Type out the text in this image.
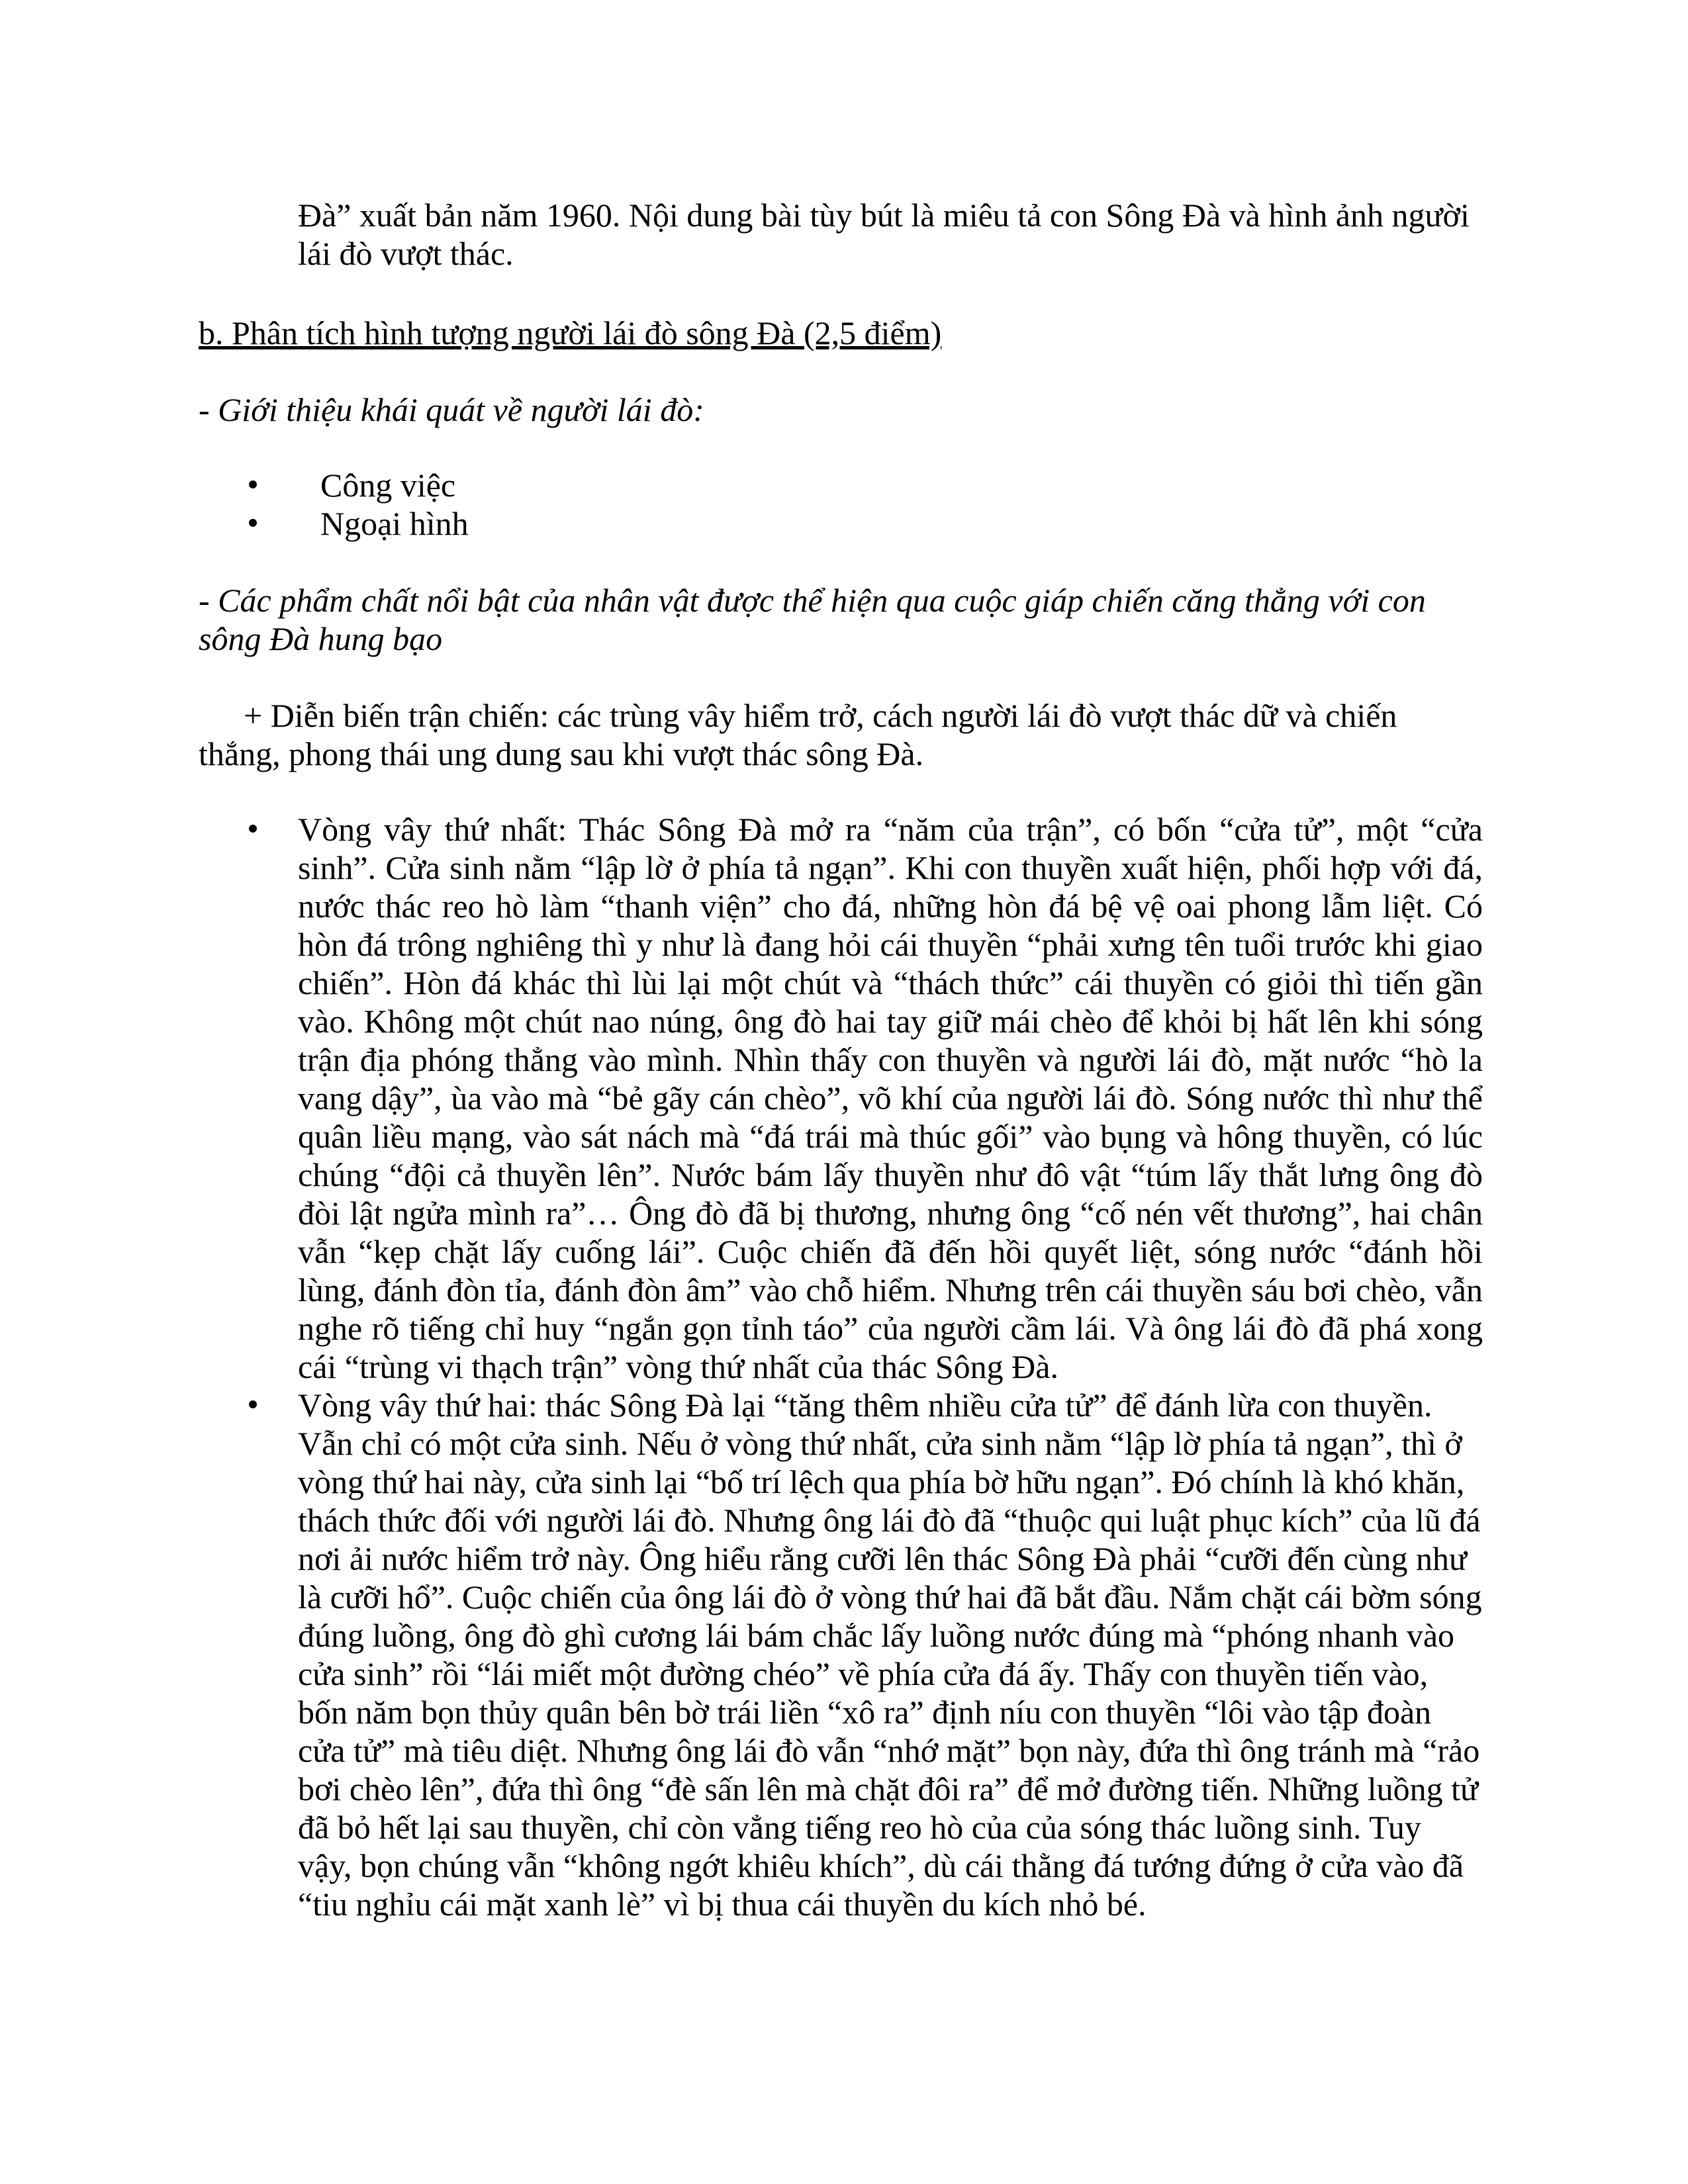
Đà” xuất bản năm 1960. Nội dung bài tùy bút là miêu tả con Sông Đà và hình ảnh người lái đò vượt thác.

b. Phân tích hình tượng người lái đò sông Đà (2,5 điểm)

- Giới thiệu khái quát về người lái đò:

Công việc
Ngoại hình

- Các phẩm chất nổi bật của nhân vật được thể hiện qua cuộc giáp chiến căng thẳng với con sông Đà hung bạo

+ Diễn biến trận chiến: các trùng vây hiểm trở, cách người lái đò vượt thác dữ và chiến thắng, phong thái ung dung sau khi vượt thác sông Đà.

Vòng vây thứ nhất: Thác Sông Đà mở ra “năm của trận”, có bốn “cửa tử”, một “cửa sinh”. Cửa sinh nằm “lập lờ ở phía tả ngạn”. Khi con thuyền xuất hiện, phối hợp với đá, nước thác reo hò làm “thanh viện” cho đá, những hòn đá bệ vệ oai phong lẫm liệt. Có hòn đá trông nghiêng thì y như là đang hỏi cái thuyền “phải xưng tên tuổi trước khi giao chiến”. Hòn đá khác thì lùi lại một chút và “thách thức” cái thuyền có giỏi thì tiến gần vào. Không một chút nao núng, ông đò hai tay giữ mái chèo để khỏi bị hất lên khi sóng trận địa phóng thẳng vào mình. Nhìn thấy con thuyền và người lái đò, mặt nước “hò la vang dậy”, ùa vào mà “bẻ gãy cán chèo”, võ khí của người lái đò. Sóng nước thì như thể quân liều mạng, vào sát nách mà “đá trái mà thúc gối” vào bụng và hông thuyền, có lúc chúng “đội cả thuyền lên”. Nước bám lấy thuyền như đô vật “túm lấy thắt lưng ông đò đòi lật ngửa mình ra”… Ông đò đã bị thương, nhưng ông “cố nén vết thương”, hai chân vẫn “kẹp chặt lấy cuống lái”. Cuộc chiến đã đến hồi quyết liệt, sóng nước “đánh hồi lùng, đánh đòn tỉa, đánh đòn âm” vào chỗ hiểm. Nhưng trên cái thuyền sáu bơi chèo, vẫn nghe rõ tiếng chỉ huy “ngắn gọn tỉnh táo” của người cầm lái. Và ông lái đò đã phá xong cái “trùng vi thạch trận” vòng thứ nhất của thác Sông Đà.
Vòng vây thứ hai: thác Sông Đà lại “tăng thêm nhiều cửa tử” để đánh lừa con thuyền. Vẫn chỉ có một cửa sinh. Nếu ở vòng thứ nhất, cửa sinh nằm “lập lờ phía tả ngạn”, thì ở vòng thứ hai này, cửa sinh lại “bố trí lệch qua phía bờ hữu ngạn”. Đó chính là khó khăn, thách thức đối với người lái đò. Nhưng ông lái đò đã “thuộc qui luật phục kích” của lũ đá nơi ải nước hiểm trở này. Ông hiểu rằng cưỡi lên thác Sông Đà phải “cưỡi đến cùng như là cưỡi hổ”. Cuộc chiến của ông lái đò ở vòng thứ hai đã bắt đầu. Nắm chặt cái bờm sóng đúng luồng, ông đò ghì cương lái bám chắc lấy luồng nước đúng mà “phóng nhanh vào cửa sinh” rồi “lái miết một đường chéo” về phía cửa đá ấy. Thấy con thuyền tiến vào, bốn năm bọn thủy quân bên bờ trái liền “xô ra” định níu con thuyền “lôi vào tập đoàn cửa tử” mà tiêu diệt. Nhưng ông lái đò vẫn “nhớ mặt” bọn này, đứa thì ông tránh mà “rảo bơi chèo lên”, đứa thì ông “đè sấn lên mà chặt đôi ra” để mở đường tiến. Những luồng tử đã bỏ hết lại sau thuyền, chỉ còn vẳng tiếng reo hò của của sóng thác luồng sinh. Tuy vậy, bọn chúng vẫn “không ngớt khiêu khích”, dù cái thằng đá tướng đứng ở cửa vào đã “tiu nghỉu cái mặt xanh lè” vì bị thua cái thuyền du kích nhỏ bé.
